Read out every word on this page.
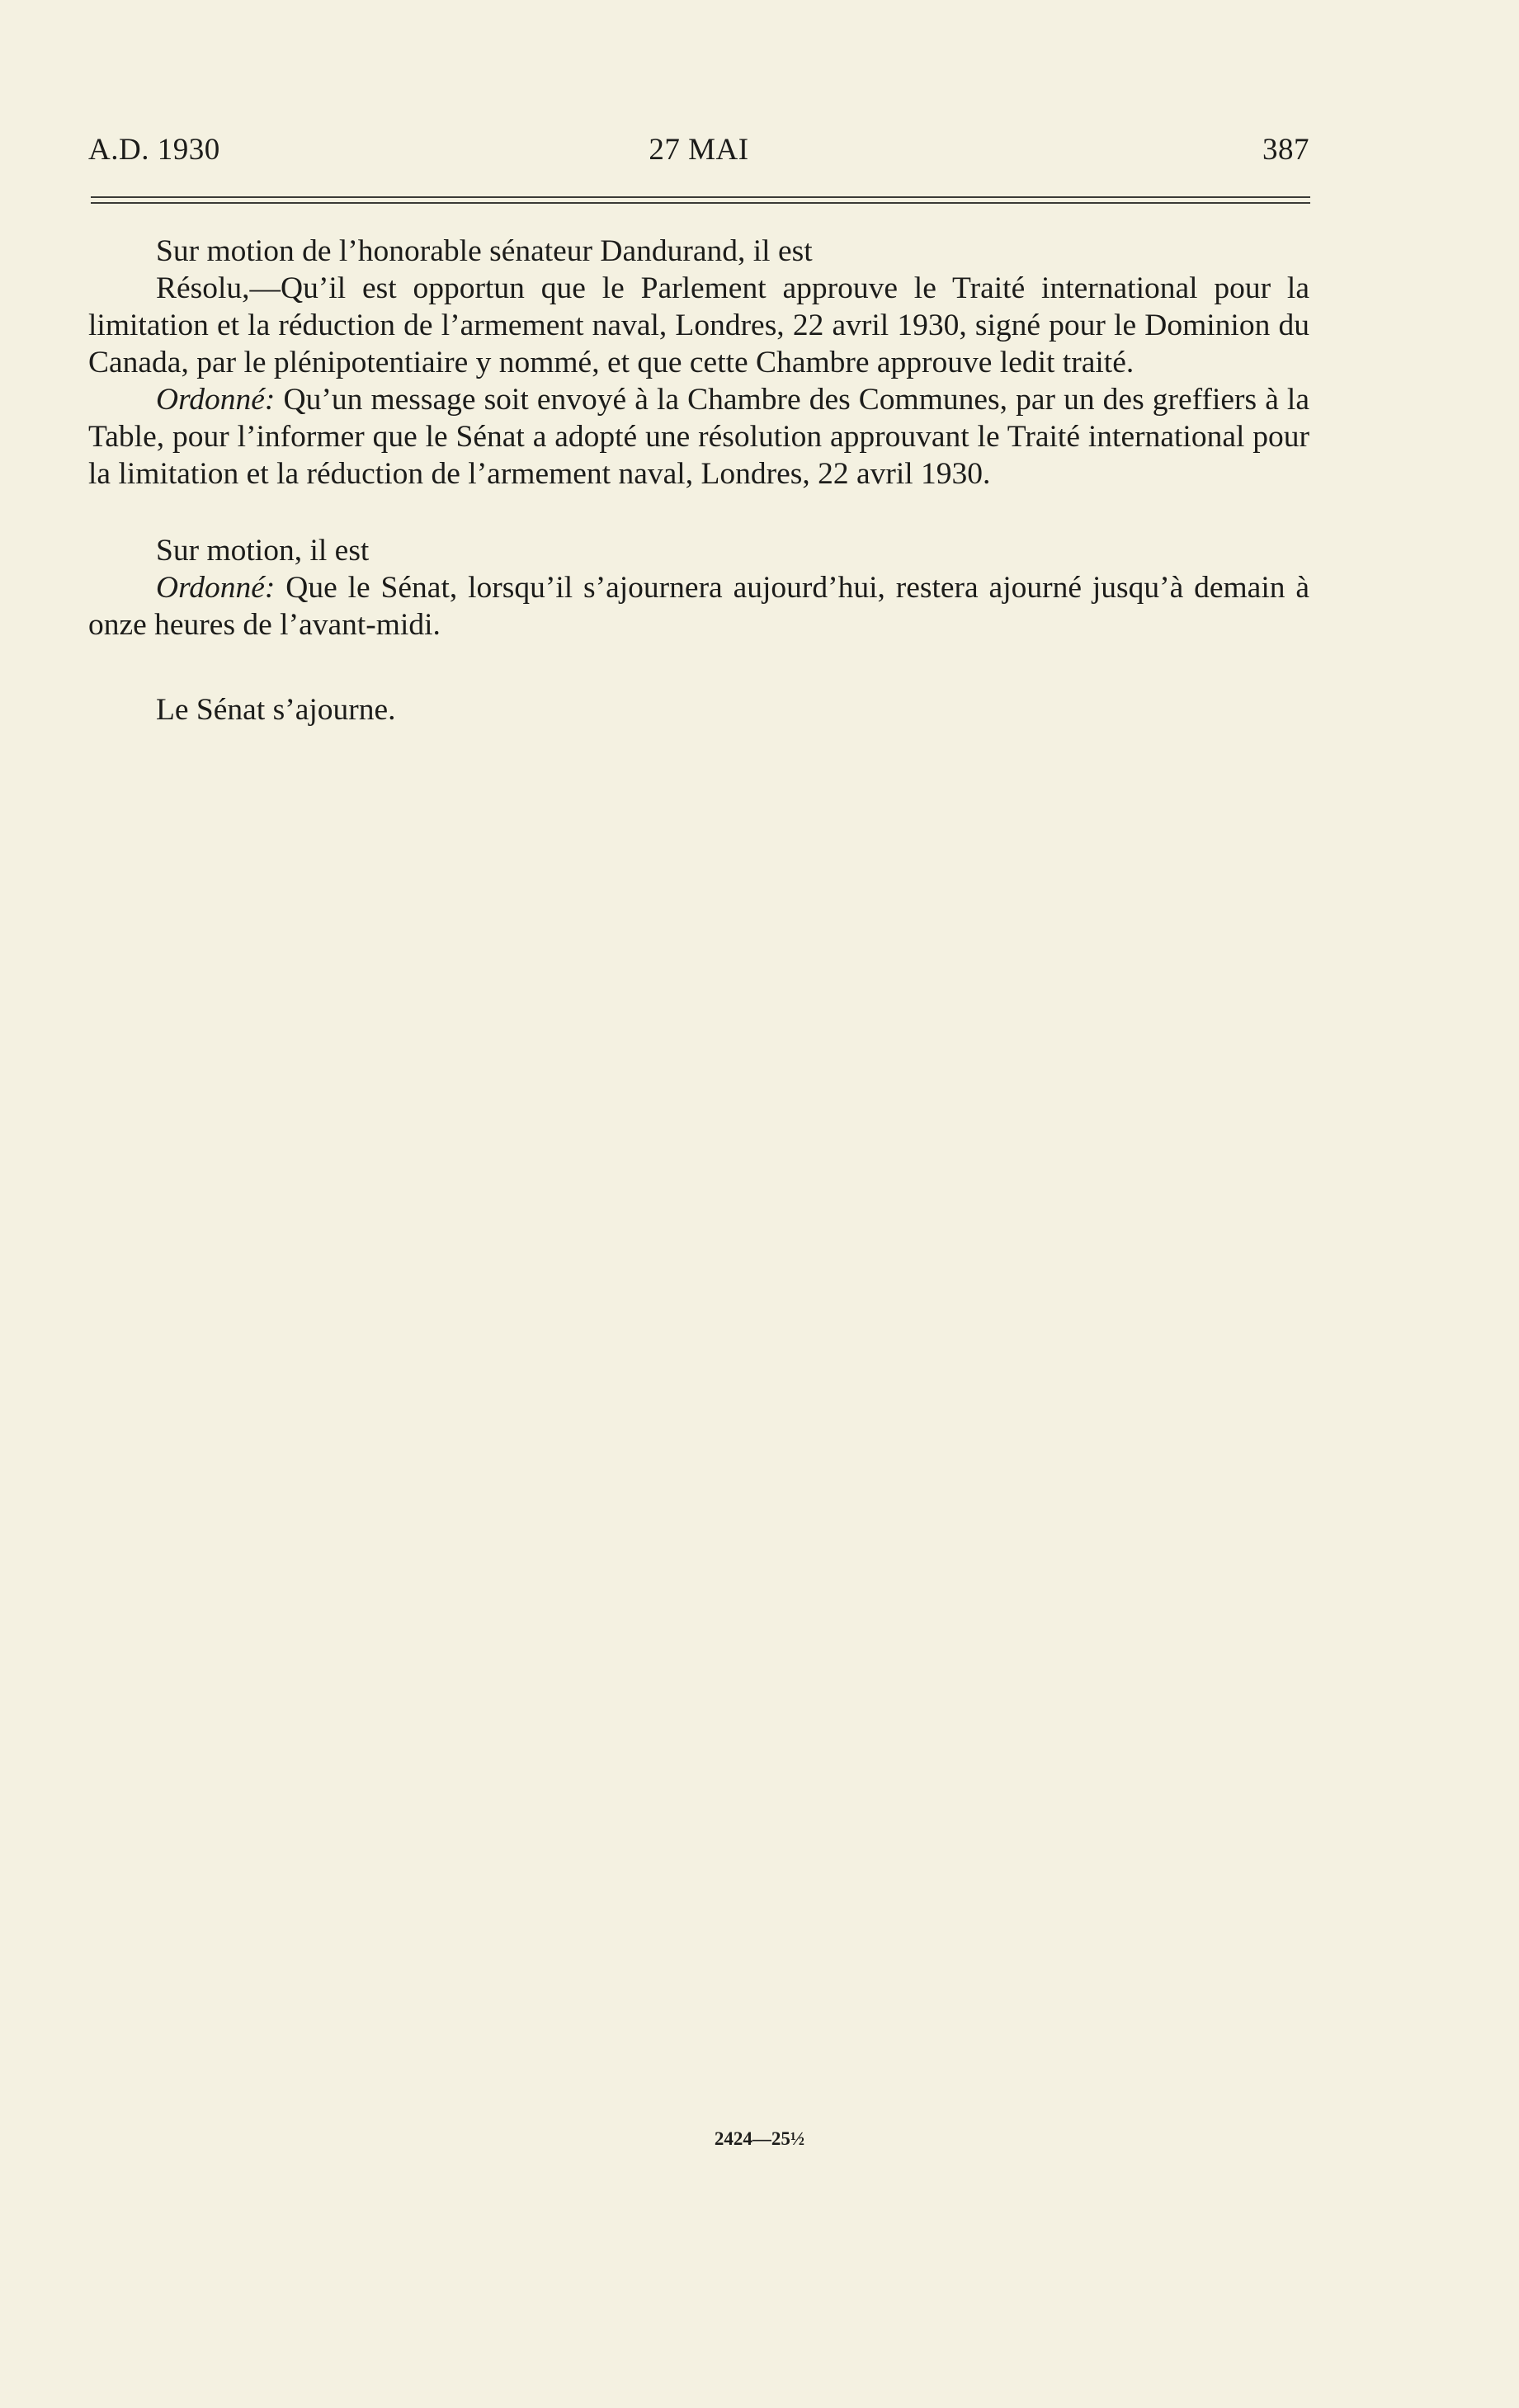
A.D. 1930	27 MAI	387

Sur motion de l’honorable sénateur Dandurand, il est

Résolu,—Qu’il est opportun que le Parlement approuve le Traité international pour la limitation et la réduction de l’armement naval, Londres, 22 avril 1930, signé pour le Dominion du Canada, par le plénipotentiaire y nommé, et que cette Chambre approuve ledit traité.

Ordonné: Qu’un message soit envoyé à la Chambre des Communes, par un des greffiers à la Table, pour l’informer que le Sénat a adopté une résolution approuvant le Traité international pour la limitation et la réduction de l’armement naval, Londres, 22 avril 1930.

Sur motion, il est

Ordonné: Que le Sénat, lorsqu’il s’ajournera aujourd’hui, restera ajourné jusqu’à demain à onze heures de l’avant-midi.

Le Sénat s’ajourne.

2424—25½
